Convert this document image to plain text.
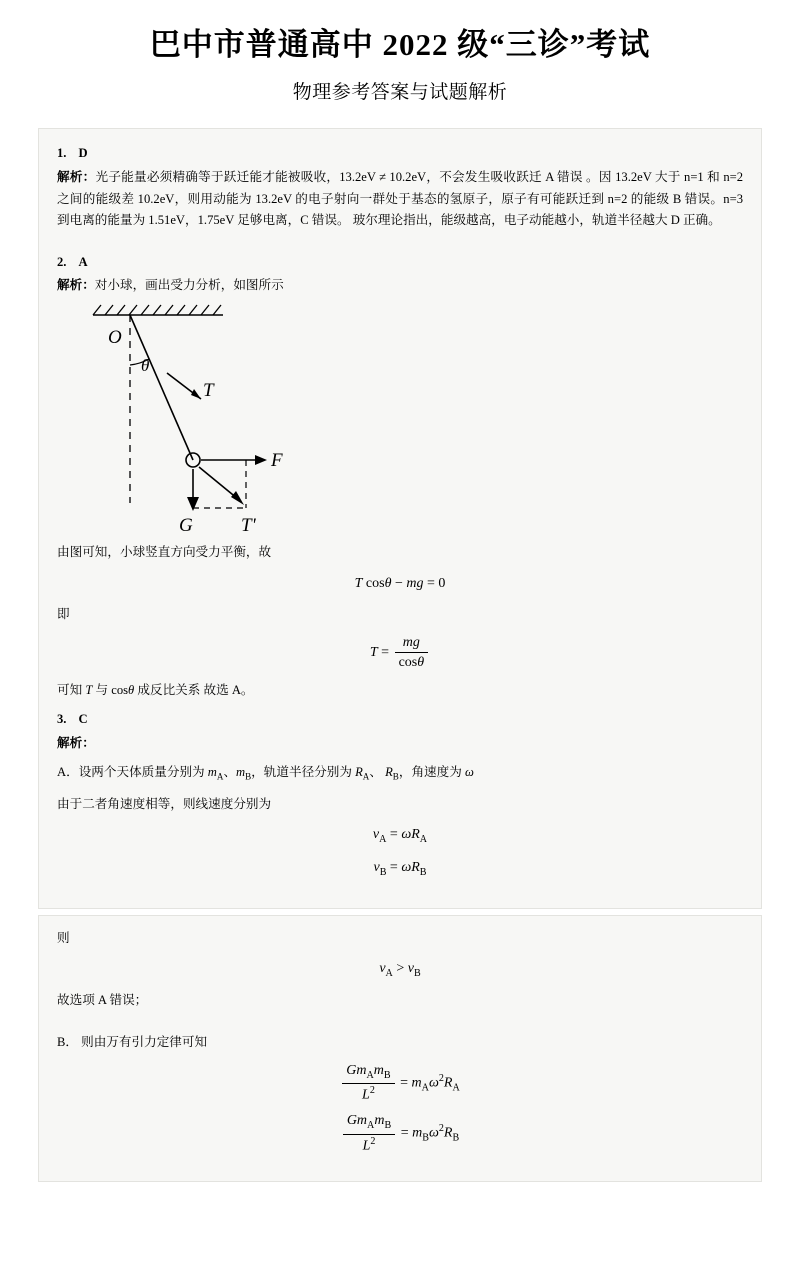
巴中市普通高中 2022 级“三诊”考试
物理参考答案与试题解析
1. D
解析：光子能量必须精确等于跃迁能才能被吸收，13.2eV ≠ 10.2eV，不会发生吸收跃迁 A 错误 。因 13.2eV 大于 n=1 和 n=2 之间的能级差 10.2eV，则用动能为 13.2eV 的电子射向一群处于基态的氢原子，原子有可能跃迁到 n=2 的能级 B 错误。n=3 到电离的能量为 1.51eV，1.75eV 足够电离，C 错误。 玻尔理论指出，能级越高，电子动能越小，轨道半径越大 D 正确。
2. A
解析：对小球，画出受力分析，如图所示
O
θ
T
F
G	T'
由图可知，小球竖直方向受力平衡，故
T cosθ − mg = 0
即
$T = \frac{mg}{\cos\theta}$
可知 T 与 cosθ 成反比关系 故选 A。
3. C
解析：
A．设两个天体质量分别为 $m_A$、$m_B$，轨道半径分别为 $R_A$、 $R_B$，角速度为 ω
由于二者角速度相等，则线速度分别为
$v_A = \omega R_A$
$v_B = \omega R_B$
则
$v_A > v_B$
故选项 A 错误；
B． 则由万有引力定律可知
$\frac{Gm_Am_B}{L^2} = m_A\omega^2R_A$
$\frac{Gm_Am_B}{L^2} = m_B\omega^2R_B$
